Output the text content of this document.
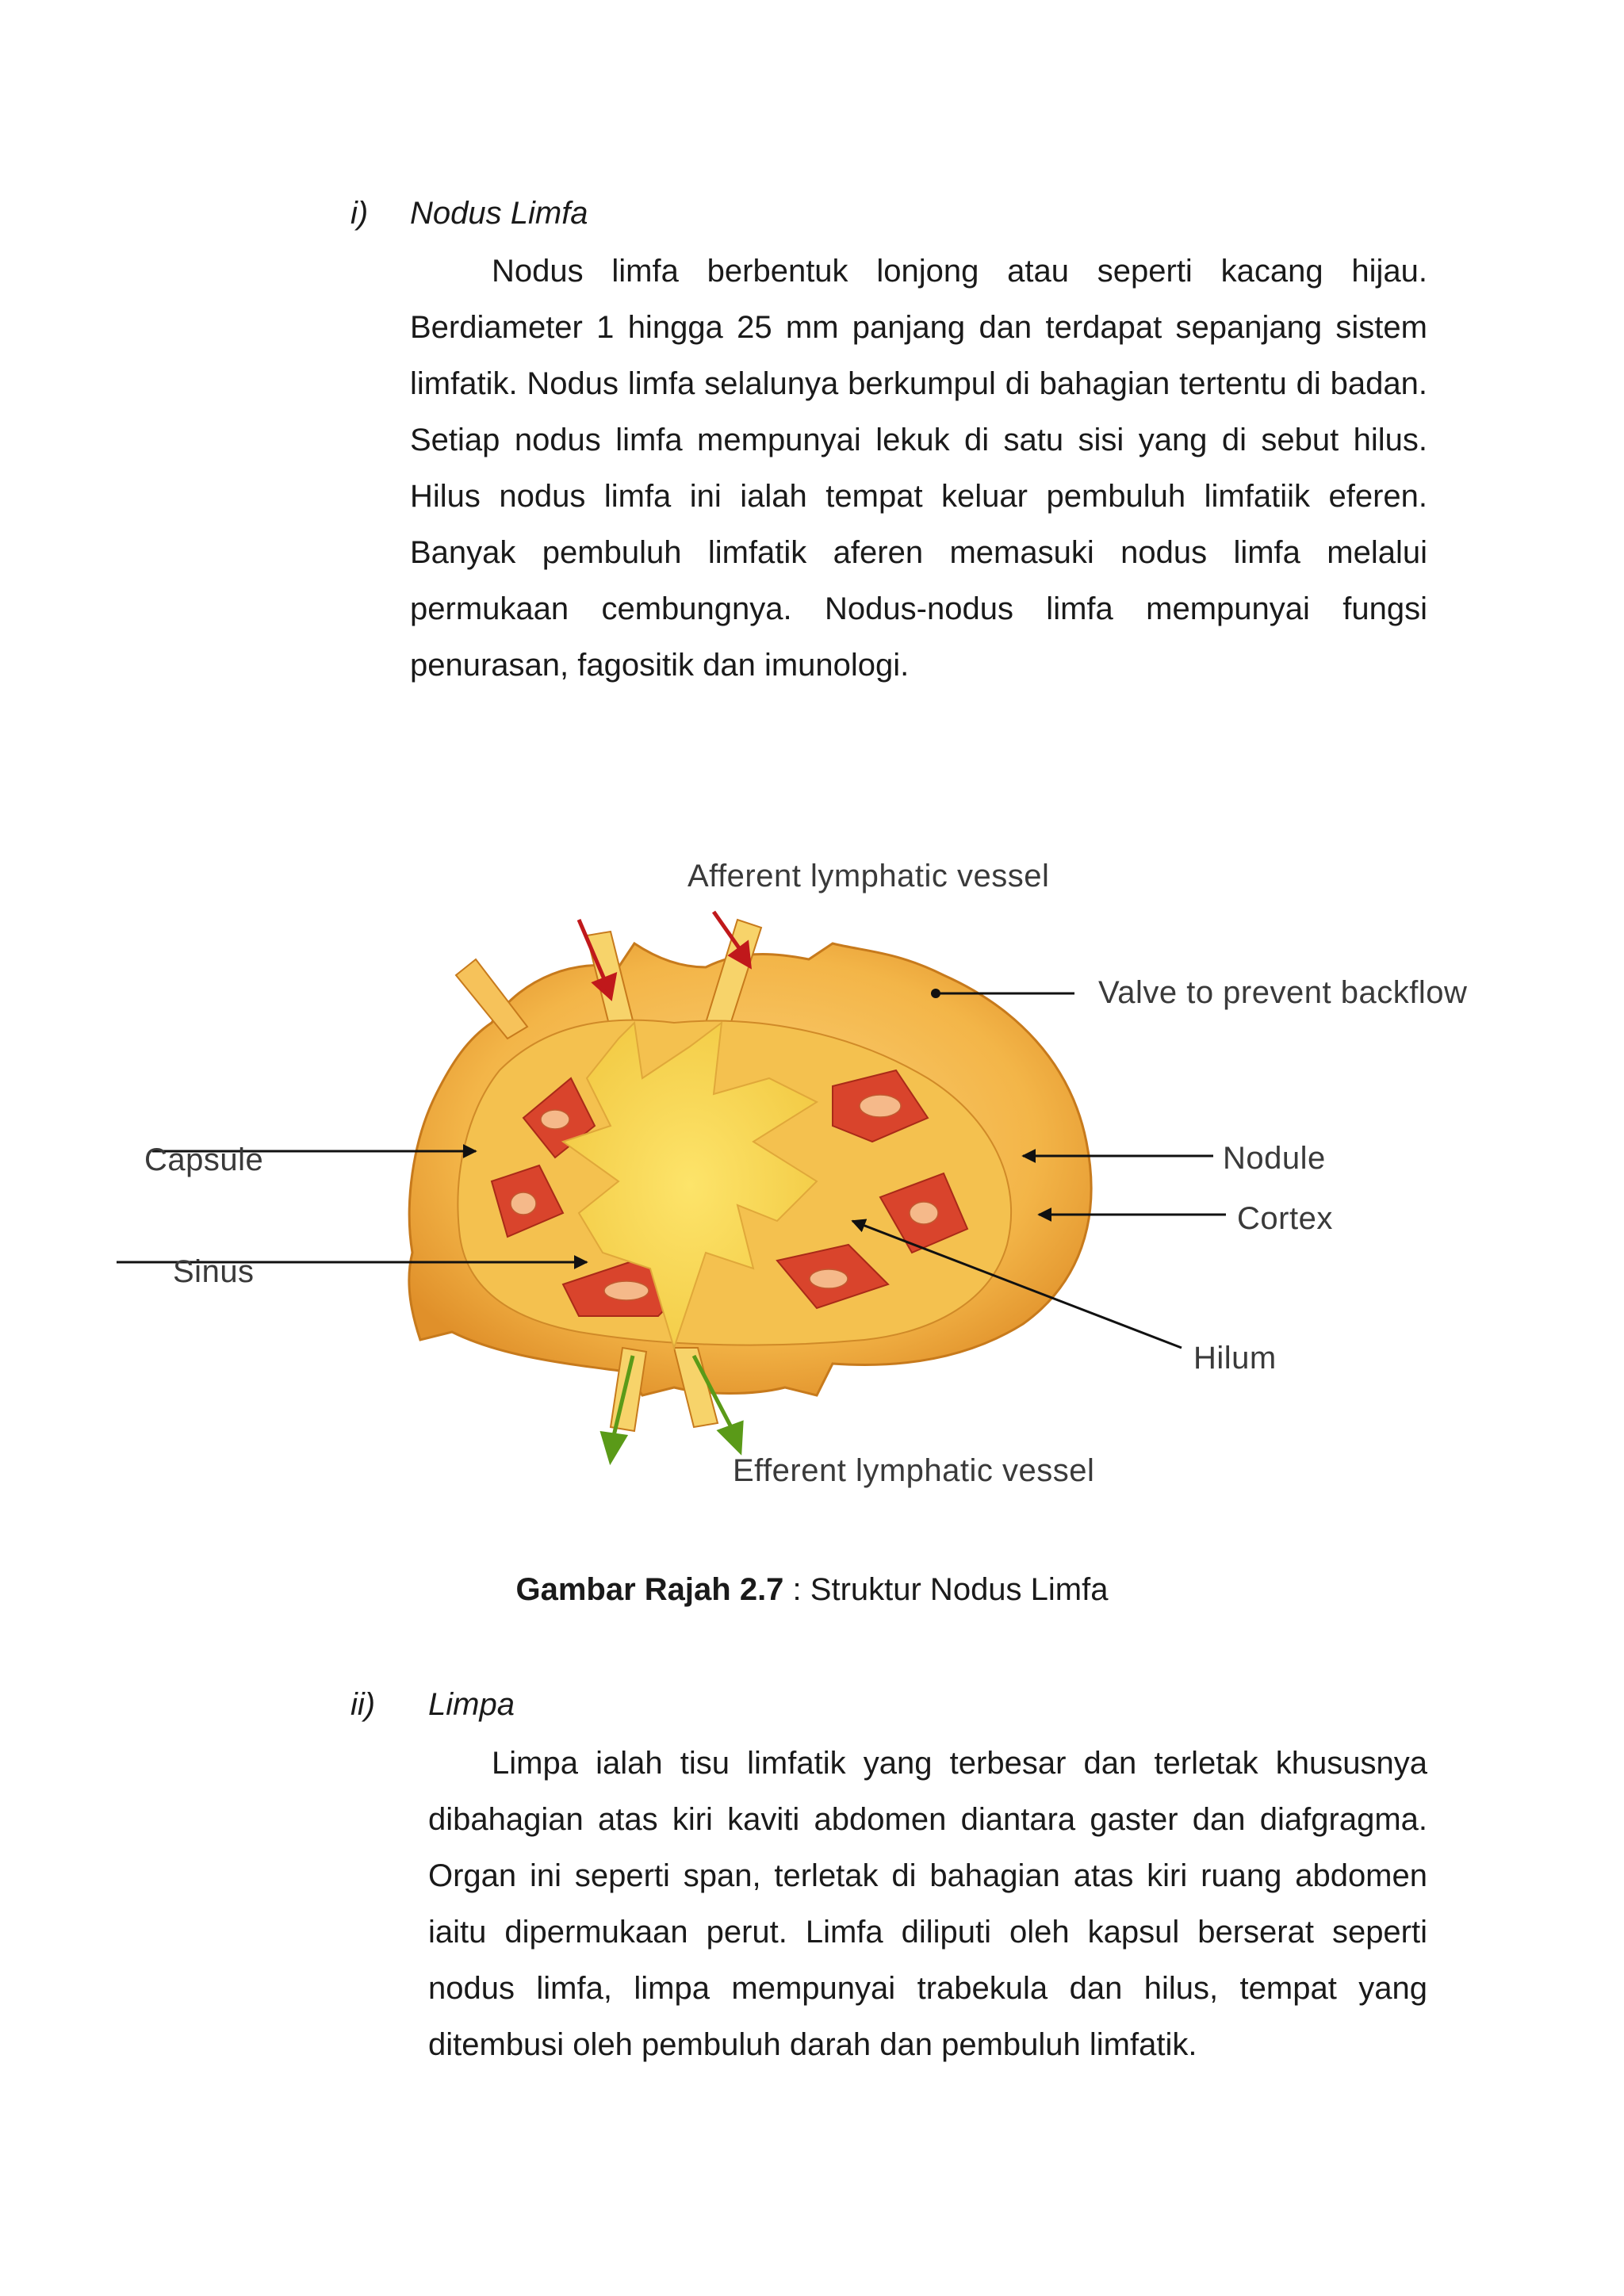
i) Nodus Limfa

Nodus limfa berbentuk lonjong atau seperti kacang hijau. Berdiameter 1 hingga 25 mm panjang dan terdapat sepanjang sistem limfatik. Nodus limfa selalunya berkumpul di bahagian tertentu di badan. Setiap nodus limfa mempunyai lekuk di satu sisi yang di sebut hilus. Hilus nodus limfa ini ialah tempat keluar pembuluh limfatiik eferen. Banyak pembuluh limfatik aferen memasuki nodus limfa melalui permukaan cembungnya. Nodus-nodus limfa mempunyai fungsi penurasan, fagositik dan imunologi.

Afferent lymphatic vessel
Valve to prevent backflow
Capsule
Sinus
Nodule
Cortex
Hilum
Efferent lymphatic vessel
Gambar Rajah 2.7 : Struktur Nodus Limfa
ii) Limpa

Limpa ialah tisu limfatik yang terbesar dan terletak khususnya dibahagian atas kiri kaviti abdomen diantara gaster dan diafgragma. Organ ini seperti span, terletak di bahagian atas kiri ruang abdomen iaitu dipermukaan perut. Limfa diliputi oleh kapsul berserat seperti nodus limfa, limpa mempunyai trabekula dan hilus, tempat yang ditembusi oleh pembuluh darah dan pembuluh limfatik.
